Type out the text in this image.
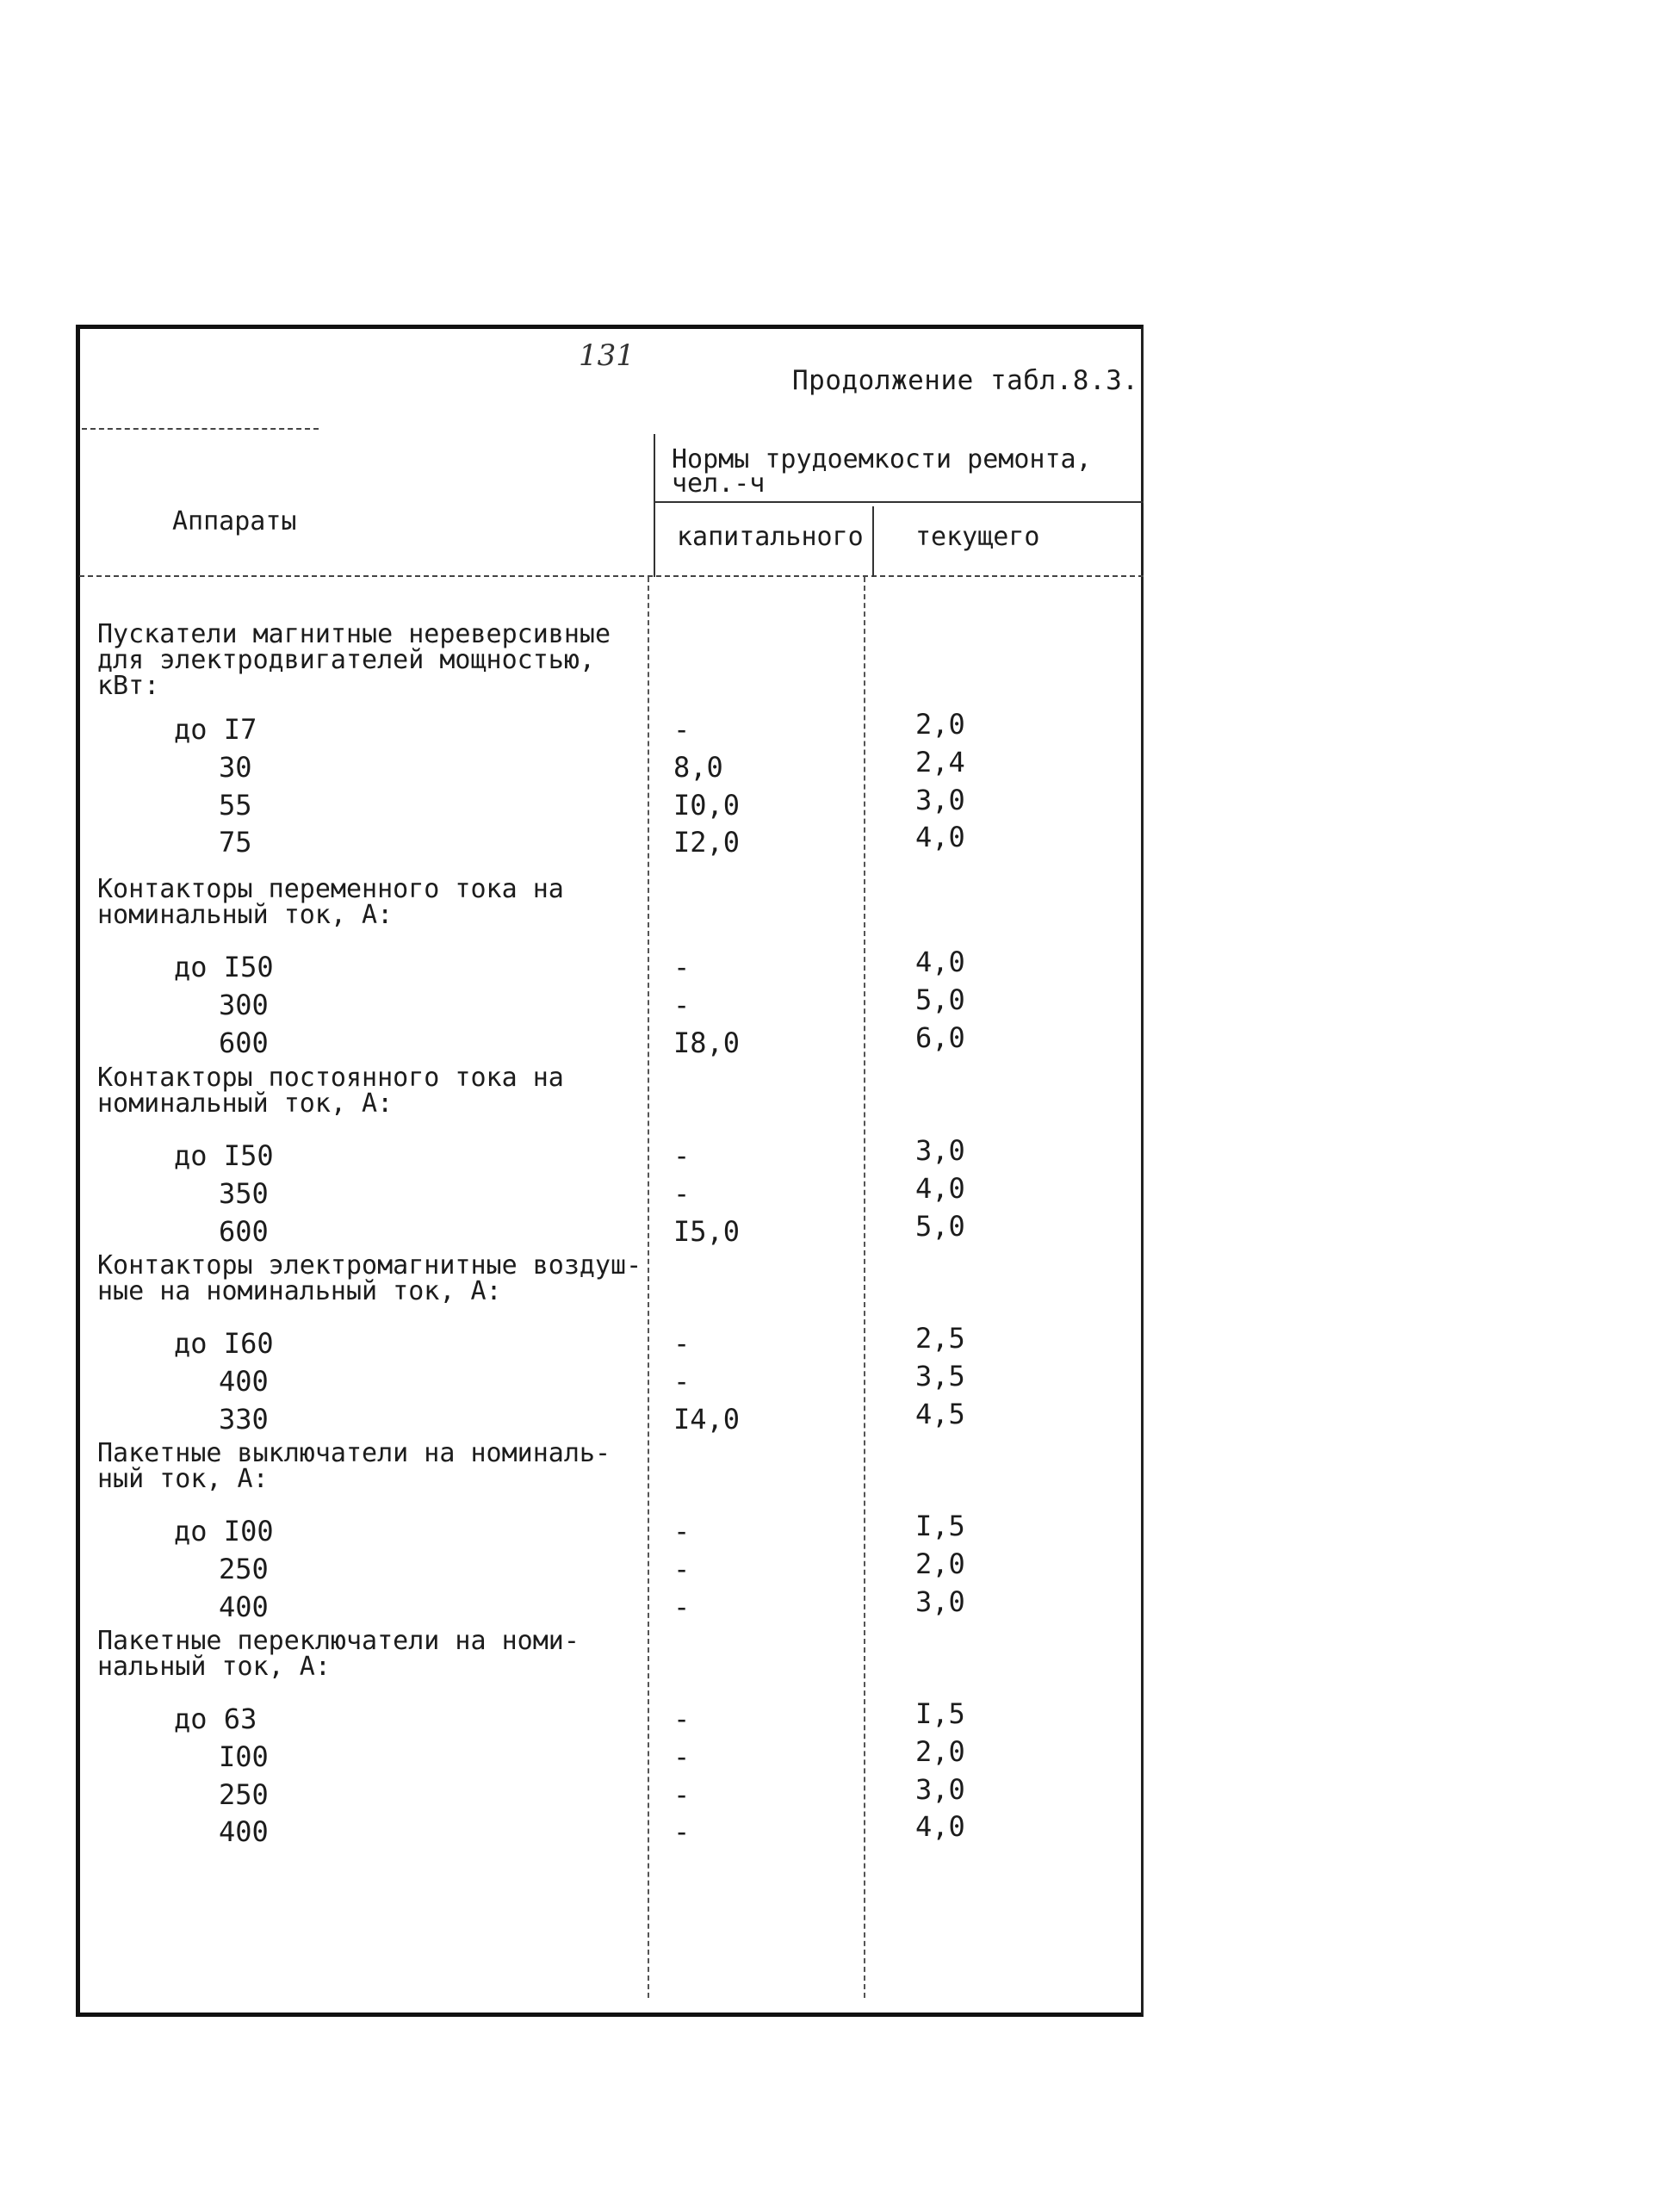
131
Продолжение табл.8.3.
Аппараты
Нормы трудоемкости ремонта,
чел.-ч
капитального текущего
Пускатели магнитные нереверсивные
для электродвигателей мощностью,
кВт:
до I7	-	2,0
30	8,0	2,4
55	I0,0	3,0
75	I2,0	4,0
Контакторы переменного тока на
номинальный ток, А:
до I50	-	4,0
300	-	5,0
600	I8,0	6,0
Контакторы постоянного тока на
номинальный ток, А:
до I50	-	3,0
350	-	4,0
600	I5,0	5,0
Контакторы электромагнитные воздуш-
ные на номинальный ток, А:
до I60	-	2,5
400	-	3,5
330	I4,0	4,5
Пакетные выключатели на номиналь-
ный ток, А:
до I00	-	I,5
250	-	2,0
400	-	3,0
Пакетные переключатели на номи-
нальный ток, А:
до 63	-	I,5
I00	-	2,0
250	-	3,0
400	-	4,0
